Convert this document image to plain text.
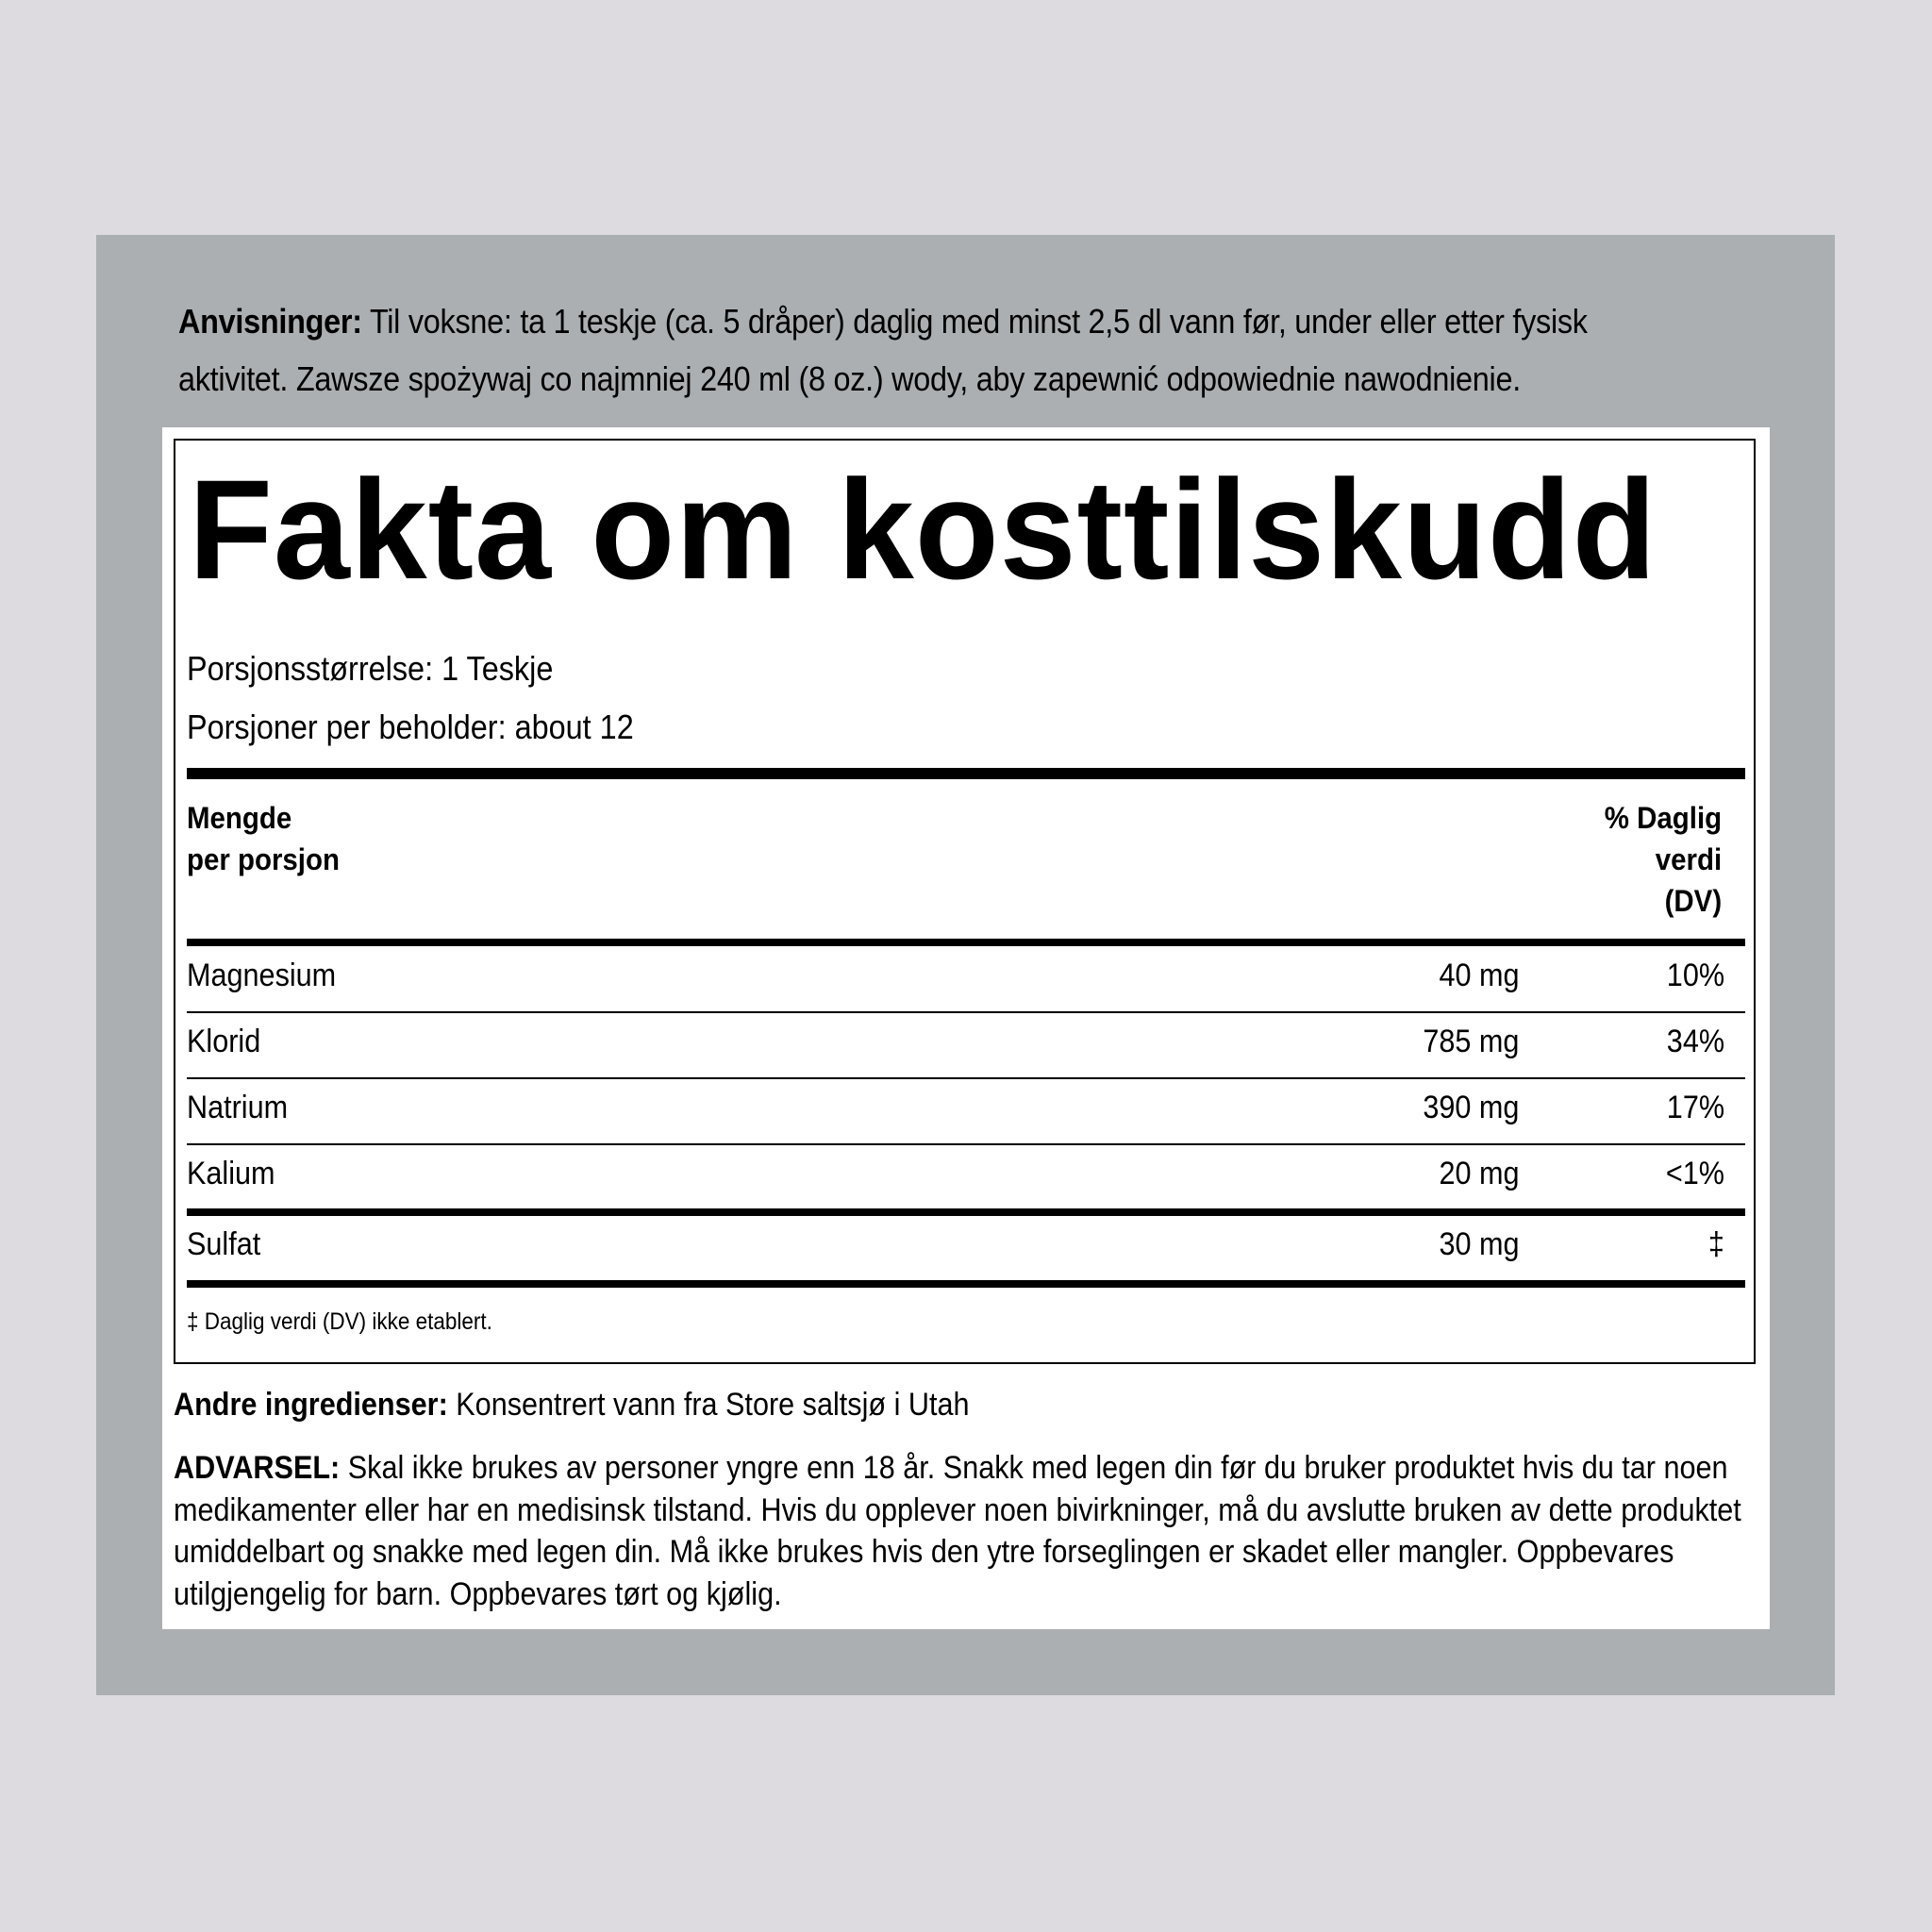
Anvisninger: Til voksne: ta 1 teskje (ca. 5 dråper) daglig med minst 2,5 dl vann før, under eller etter fysisk
aktivitet. Zawsze spożywaj co najmniej 240 ml (8 oz.) wody, aby zapewnić odpowiednie nawodnienie.
Fakta om kosttilskudd
Porsjonsstørrelse: 1 Teskje
Porsjoner per beholder: about 12
Mengde
per porsjon
% Daglig
verdi
(DV)
Magnesium	40 mg	10%
Klorid	785 mg	34%
Natrium	390 mg	17%
Kalium	20 mg	<1%
Sulfat	30 mg	‡
‡ Daglig verdi (DV) ikke etablert.
Andre ingredienser: Konsentrert vann fra Store saltsjø i Utah
ADVARSEL: Skal ikke brukes av personer yngre enn 18 år. Snakk med legen din før du bruker produktet hvis du tar noen medikamenter eller har en medisinsk tilstand. Hvis du opplever noen bivirkninger, må du avslutte bruken av dette produktet umiddelbart og snakke med legen din. Må ikke brukes hvis den ytre forseglingen er skadet eller mangler. Oppbevares utilgjengelig for barn. Oppbevares tørt og kjølig.
